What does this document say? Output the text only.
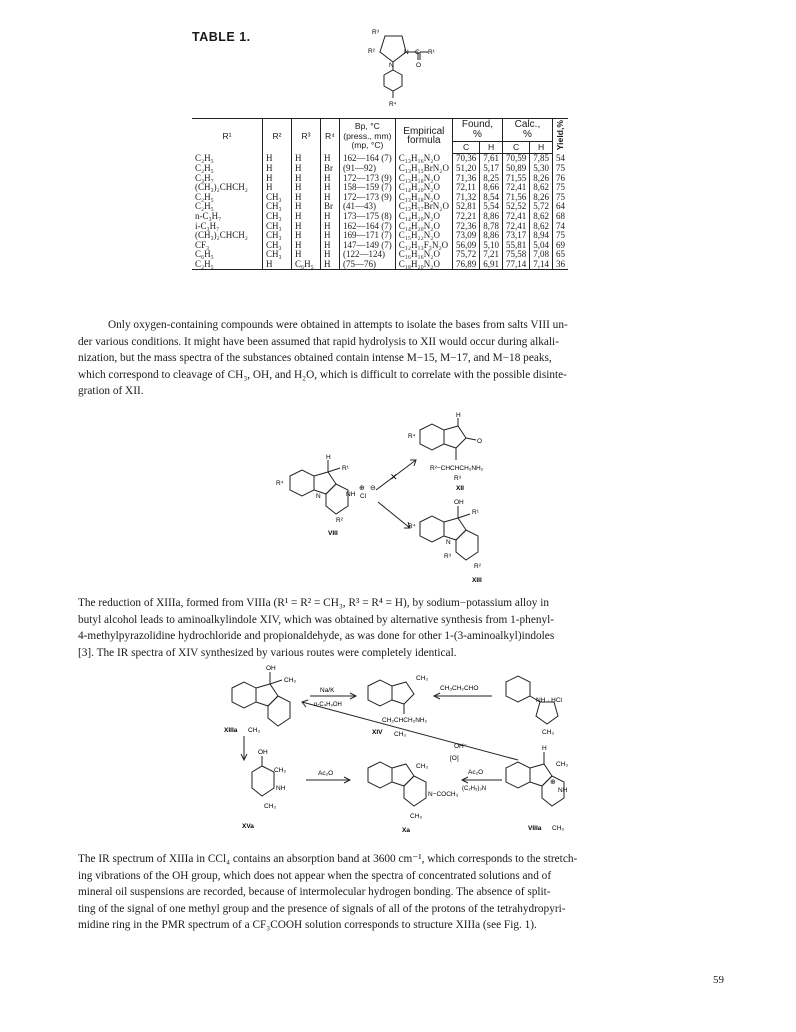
TABLE 1.	R³
R²	N
N
C R¹
O
R⁴
R¹	R²	R³	R⁴	Bp, °C
(press., mm)
(mp, °C)	Empirical
formula	Found,
%		Calc.,
%		Yield,%
						C	H	C	H	
C₂H₅	H	H	H	162—164 (7)	C₁₃H₁₆N₂O	70,36	7,61	70,59	7,85	54
C₂H₅	H	H	Br	(91—92)	C₁₃H₁₅BrN₂O	51,20	5,17	50,89	5,30	75
C₃H₇	H	H	H	172—173 (9)	C₁₃H₁₈N₂O	71,36	8,25	71,55	8,26	76
(CH₃)₂CHCH₂	H	H	H	158—159 (7)	C₁₄H₂₀N₂O	72,11	8,66	72,41	8,62	75
C₂H₅	CH₃	H	H	172—173 (9)	C₁₃H₁₈N₂O	71,32	8,54	71,56	8,26	75
C₂H₅	CH₃	H	Br	(41—43)	C₁₃H₁₇BrN₂O	52,81	5,54	52,52	5,72	64
n-C₃H₇	CH₃	H	H	173—175 (8)	C₁₄H₂₀N₂O	72,21	8,86	72,41	8,62	68
i-C₃H₇	CH₃	H	H	162—164 (7)	C₁₄H₂₀N₂O	72,36	8,78	72,41	8,62	74
(CH₃)₂CHCH₂	CH₃	H	H	169—171 (7)	C₁₅H₂₂N₂O	73,09	8,86	73,17	8,94	75
CF₃	CH₃	H	H	147—149 (7)	C₁₂H₁₃F₃N₂O	56,09	5,10	55,81	5,04	69
C₆H₅	CH₃	H	H	(122—124)	C₁₆H₁₆N₂O	75,72	7,21	75,58	7,08	65
C₂H₅	H	C₆H₅	H	(75—76)	C₁₈H₂₀N₂O	76,89	6,91	77,14	7,14	36
Only oxygen-containing compounds were obtained in attempts to isolate the bases from salts VIII un-
der various conditions. It might have been assumed that rapid hydrolysis to XII would occur during alkali-
nization, but the mass spectra of the substances obtained contain intense M−15, M−17, and M−18 peaks,
which correspond to cleavage of CH₃, OH, and H₂O, which is difficult to correlate with the possible disinte-
gration of XII.
H
O
R⁴
R²−CHCHCH₂NH₂
R³
XII
H
R¹
R⁴
N	NH
⊕
Cl
⊖
R²
VIII
✕
OH
R¹
R⁴
N
R³
R²
XIII
The reduction of XIIIa, formed from VIIIa (R¹ = R² = CH₃, R³ = R⁴ = H), by sodium−potassium alloy in
butyl alcohol leads to aminoalkylindole XIV, which was obtained by alternative synthesis from 1-phenyl-
4-methylpyrazolidine hydrochloride and propionaldehyde, as was done for other 1-(3-aminoalkyl)indoles
[3]. The IR spectra of XIV synthesized by various routes were completely identical.
OH
CH₃
XIIIa CH₃
Na/K
n-C₄H₉OH
CH₃
CH₂CHCH₂NH₂
XIV CH₃
CH₃CH₂CHO
NH · HCl
CH₃
OH
CH₃
NH
CH₃
XVa
Ac₂O
CH₃
N−COCH₃
CH₃
Xa
Ac₂O
(C₂H₅)₃N
OH⁻
[O]
H
CH₃
⊕
NH
VIIIa CH₃
The IR spectrum of XIIIa in CCl₄ contains an absorption band at 3600 cm⁻¹, which corresponds to the stretch-
ing vibrations of the OH group, which does not appear when the spectra of concentrated solutions and of
mineral oil suspensions are recorded, because of intermolecular hydrogen bonding. The absence of split-
ting of the signal of one methyl group and the presence of signals of all of the protons of the tetrahydropyri-
midine ring in the PMR spectrum of a CF₃COOH solution corresponds to structure XIIIa (see Fig. 1).
59
